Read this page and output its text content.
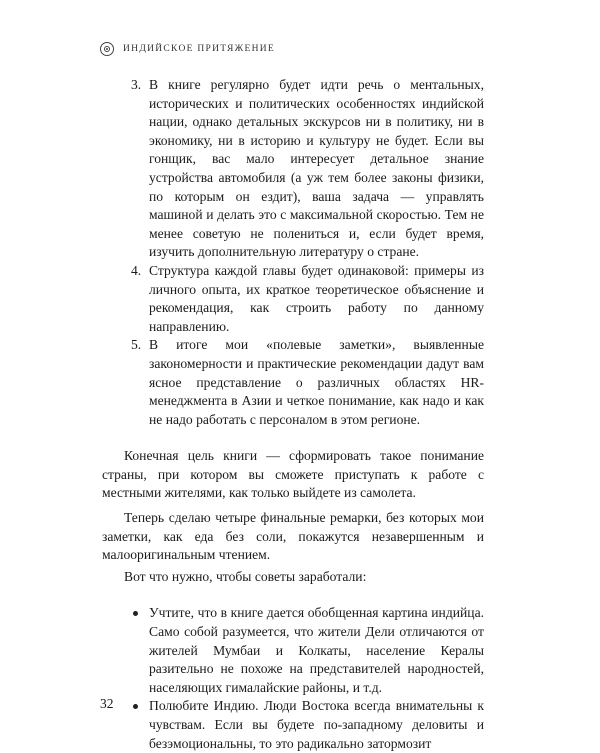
ИНДИЙСКОЕ ПРИТЯЖЕНИЕ
3. В книге регулярно будет идти речь о ментальных, исторических и политических особенностях индийской нации, однако детальных экскурсов ни в политику, ни в экономику, ни в историю и культуру не будет. Если вы гонщик, вас мало интересует детальное знание устройства автомобиля (а уж тем более законы физики, по которым он ездит), ваша задача — управлять машиной и делать это с максимальной скоростью. Тем не менее советую не полениться и, если будет время, изучить дополнительную литературу о стране.
4. Структура каждой главы будет одинаковой: примеры из личного опыта, их краткое теоретическое объяснение и рекомендация, как строить работу по данному направлению.
5. В итоге мои «полевые заметки», выявленные закономерности и практические рекомендации дадут вам ясное представление о различных областях HR-менеджмента в Азии и четкое понимание, как надо и как не надо работать с персоналом в этом регионе.

Конечная цель книги — сформировать такое понимание страны, при котором вы сможете приступать к работе с местными жителями, как только выйдете из самолета.

Теперь сделаю четыре финальные ремарки, без которых мои заметки, как еда без соли, покажутся незавершенным и малооригинальным чтением.

Вот что нужно, чтобы советы заработали:

Учтите, что в книге дается обобщенная картина индийца. Само собой разумеется, что жители Дели отличаются от жителей Мумбаи и Колкаты, население Кералы разительно не похоже на представителей народностей, населяющих гималайские районы, и т.д.
Полюбите Индию. Люди Востока всегда внимательны к чувствам. Если вы будете по-западному деловиты и безэмоциональны, то это радикально затормозит
32
